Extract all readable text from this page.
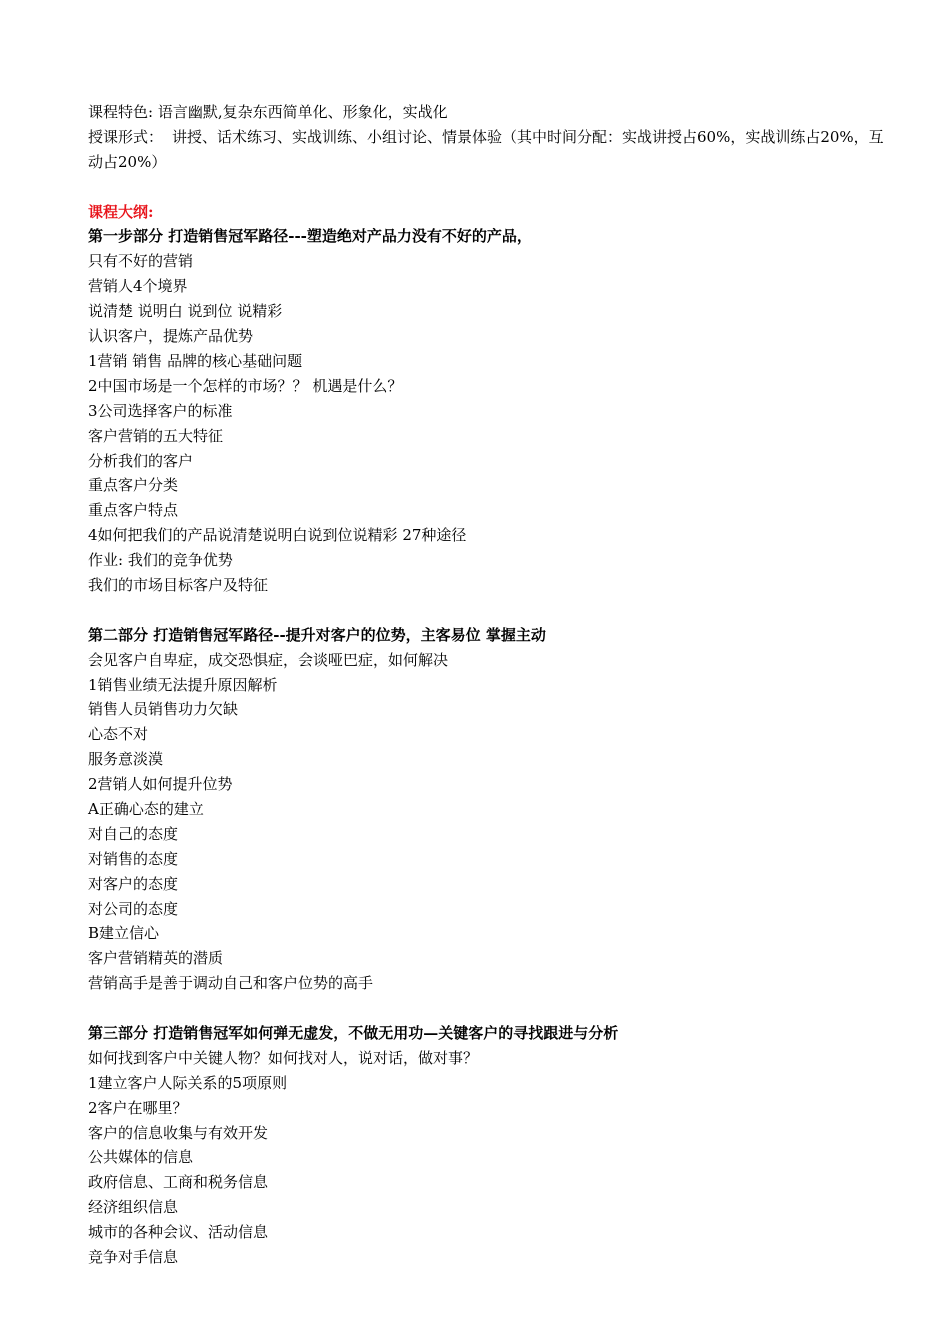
课程特色: 语言幽默,复杂东西简单化、形象化，实战化
授课形式： 讲授、话术练习、实战训练、小组讨论、情景体验（其中时间分配：实战讲授占60%，实战训练占20%，互动占20%）
课程大纲:
第一步部分 打造销售冠军路径---塑造绝对产品力没有不好的产品，
只有不好的营销
营销人4个境界
说清楚 说明白 说到位 说精彩
认识客户，提炼产品优势
1营销 销售 品牌的核心基础问题
2中国市场是一个怎样的市场？？ 机遇是什么？
3公司选择客户的标准
客户营销的五大特征
分析我们的客户
重点客户分类
重点客户特点
4如何把我们的产品说清楚说明白说到位说精彩 27种途径
作业: 我们的竞争优势
我们的市场目标客户及特征
第二部分 打造销售冠军路径--提升对客户的位势，主客易位 掌握主动
会见客户自卑症，成交恐惧症，会谈哑巴症，如何解决
1销售业绩无法提升原因解析
销售人员销售功力欠缺
心态不对
服务意淡漠
2营销人如何提升位势
A正确心态的建立
对自己的态度
对销售的态度
对客户的态度
对公司的态度
B建立信心
客户营销精英的潜质
营销高手是善于调动自己和客户位势的高手
第三部分 打造销售冠军如何弹无虚发，不做无用功—关键客户的寻找跟进与分析
如何找到客户中关键人物？如何找对人，说对话，做对事？
1建立客户人际关系的5项原则
2客户在哪里？
客户的信息收集与有效开发
公共媒体的信息
政府信息、工商和税务信息
经济组织信息
城市的各种会议、活动信息
竞争对手信息
